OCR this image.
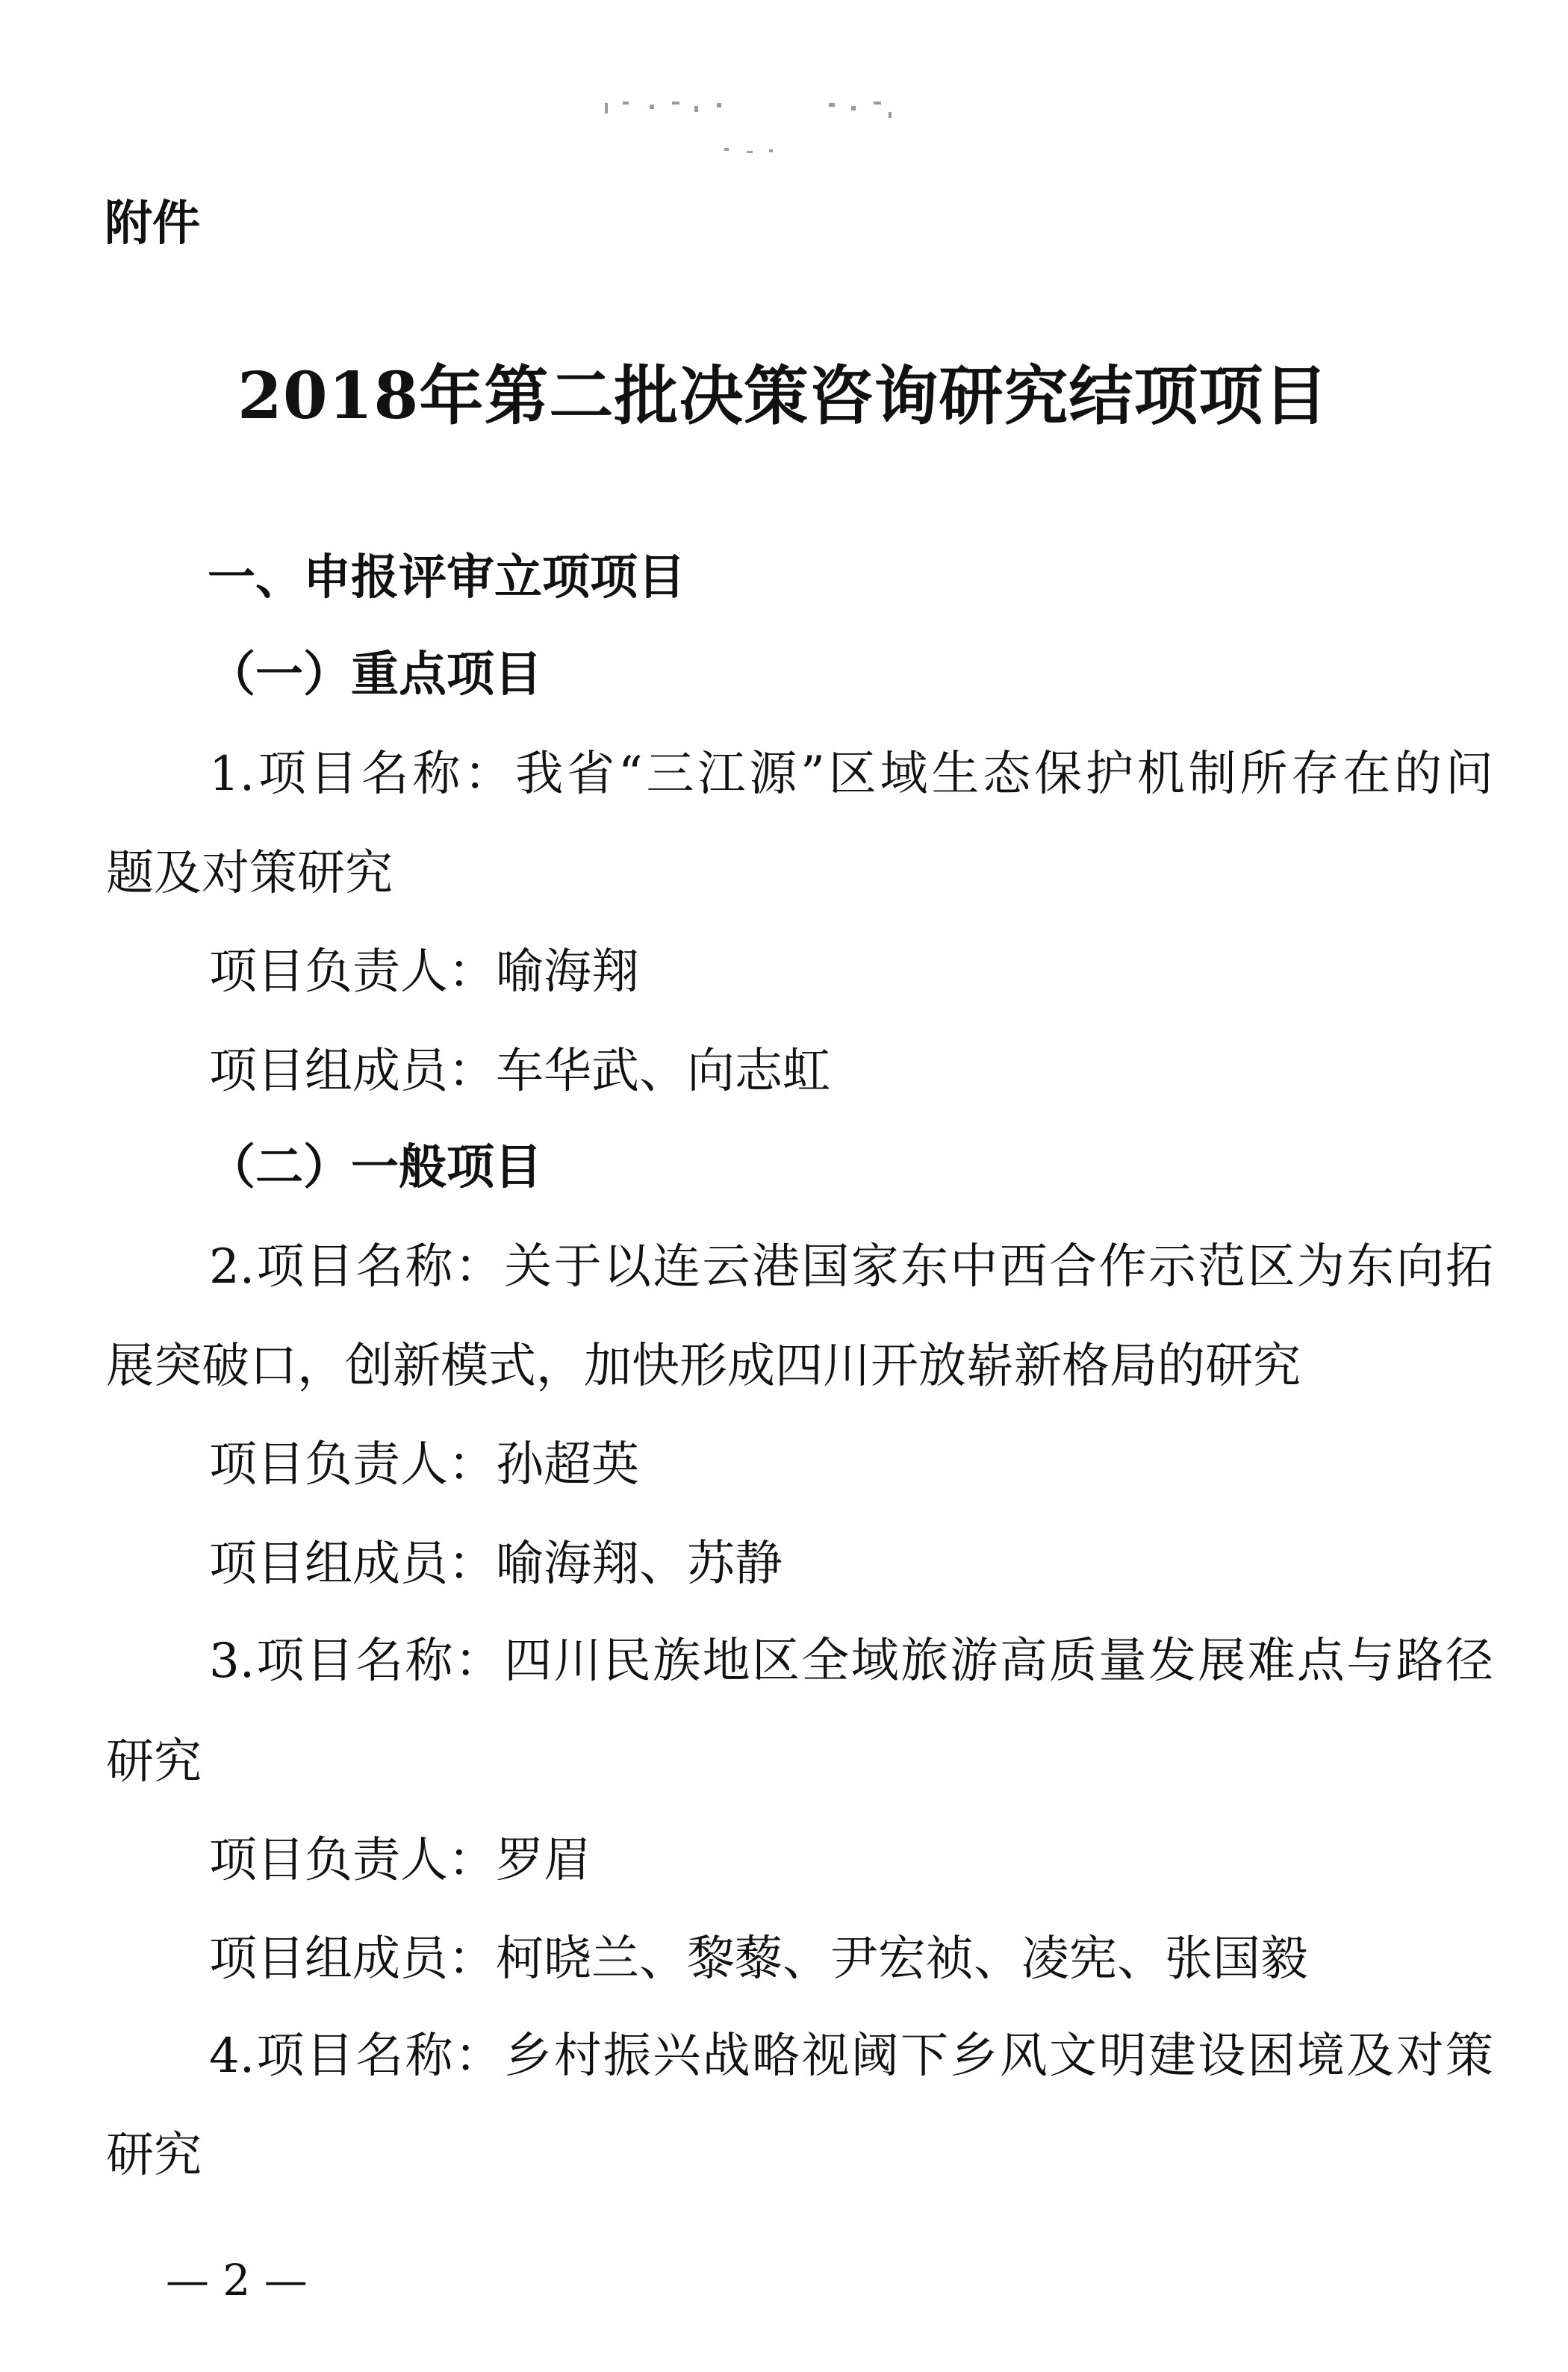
附件
2018年第二批决策咨询研究结项项目
一、申报评审立项项目
（一）重点项目
1.项目名称：我省“三江源”区域生态保护机制所存在的问
题及对策研究
项目负责人：喻海翔
项目组成员：车华武、向志虹
（二）一般项目
2.项目名称：关于以连云港国家东中西合作示范区为东向拓
展突破口，创新模式，加快形成四川开放崭新格局的研究
项目负责人：孙超英
项目组成员：喻海翔、苏静
3.项目名称：四川民族地区全域旅游高质量发展难点与路径
研究
项目负责人：罗眉
项目组成员：柯晓兰、黎藜、尹宏祯、凌宪、张国毅
4.项目名称：乡村振兴战略视阈下乡风文明建设困境及对策
研究
— 2 —
